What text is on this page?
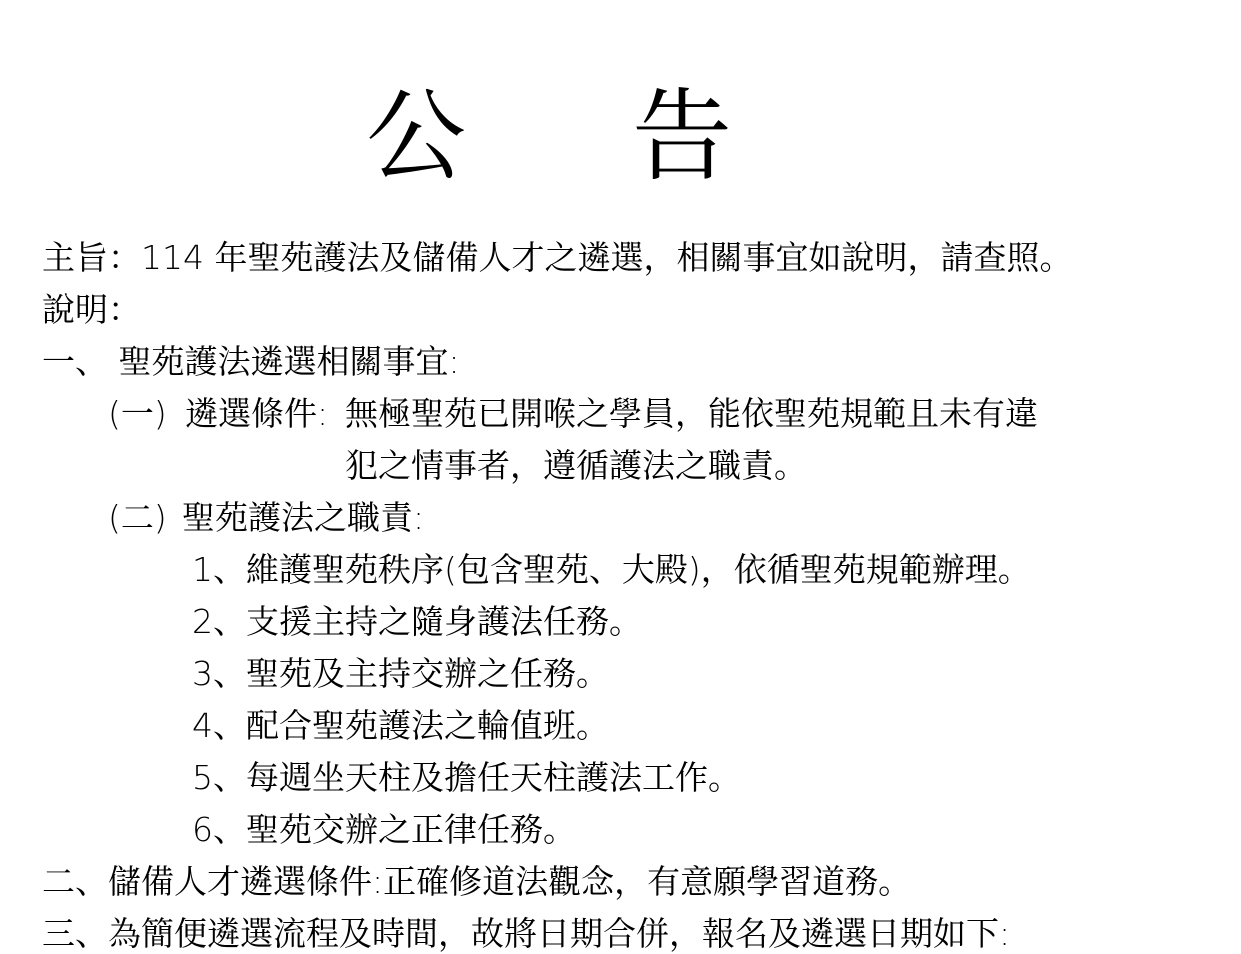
公 告
主旨：114 年聖苑護法及儲備人才之遴選，相關事宜如說明，請查照。
說明：
一、 聖苑護法遴選相關事宜:
(一) 遴選條件: 無極聖苑已開喉之學員，能依聖苑規範且未有違
犯之情事者，遵循護法之職責。
(二) 聖苑護法之職責:
1、維護聖苑秩序(包含聖苑、大殿)，依循聖苑規範辦理。
2、支援主持之隨身護法任務。
3、聖苑及主持交辦之任務。
4、配合聖苑護法之輪值班。
5、每週坐天柱及擔任天柱護法工作。
6、聖苑交辦之正律任務。
二、儲備人才遴選條件:正確修道法觀念，有意願學習道務。
三、為簡便遴選流程及時間，故將日期合併，報名及遴選日期如下:
